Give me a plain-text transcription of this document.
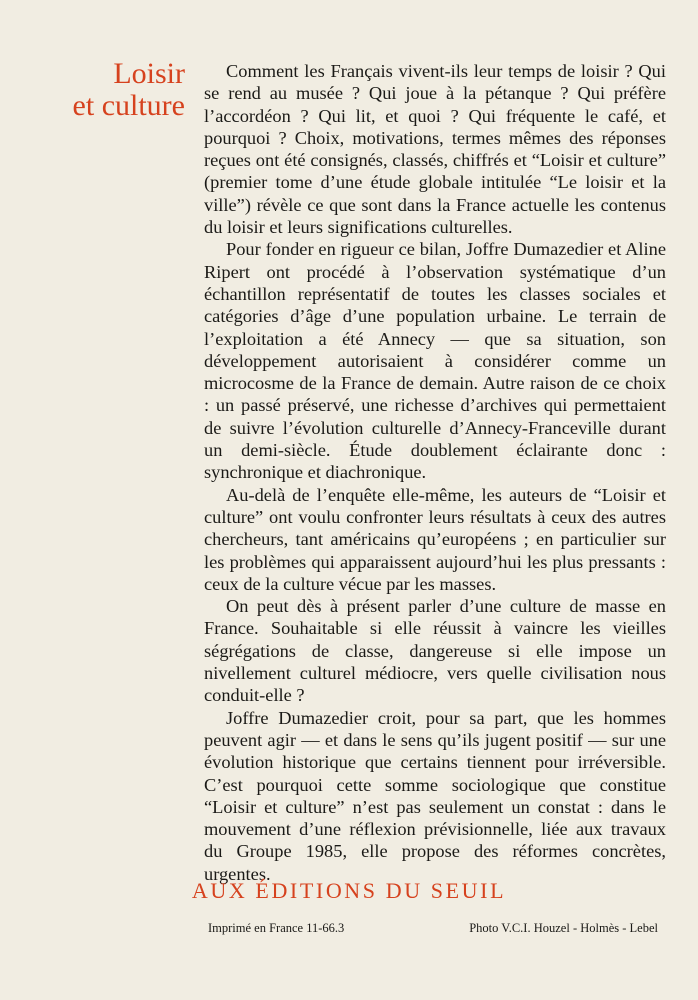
Loisir
et culture

Comment les Français vivent-ils leur temps de loisir ? Qui se rend au musée ? Qui joue à la pétanque ? Qui préfère l’accordéon ? Qui lit, et quoi ? Qui fréquente le café, et pourquoi ? Choix, motivations, termes mêmes des réponses reçues ont été consignés, classés, chiffrés et “Loisir et culture” (premier tome d’une étude globale intitulée “Le loisir et la ville”) révèle ce que sont dans la France actuelle les contenus du loisir et leurs significations culturelles.

Pour fonder en rigueur ce bilan, Joffre Dumazedier et Aline Ripert ont procédé à l’observation systématique d’un échantillon représentatif de toutes les classes sociales et catégories d’âge d’une population urbaine. Le terrain de l’exploitation a été Annecy — que sa situation, son développement autorisaient à considérer comme un microcosme de la France de demain. Autre raison de ce choix : un passé préservé, une richesse d’archives qui permettaient de suivre l’évolution culturelle d’Annecy-Franceville durant un demi-siècle. Étude doublement éclairante donc : synchronique et diachronique.

Au-delà de l’enquête elle-même, les auteurs de “Loisir et culture” ont voulu confronter leurs résultats à ceux des autres chercheurs, tant américains qu’européens ; en particulier sur les problèmes qui apparaissent aujourd’hui les plus pressants : ceux de la culture vécue par les masses.

On peut dès à présent parler d’une culture de masse en France. Souhaitable si elle réussit à vaincre les vieilles ségrégations de classe, dangereuse si elle impose un nivellement culturel médiocre, vers quelle civilisation nous conduit-elle ?

Joffre Dumazedier croit, pour sa part, que les hommes peuvent agir — et dans le sens qu’ils jugent positif — sur une évolution historique que certains tiennent pour irréversible. C’est pourquoi cette somme sociologique que constitue “Loisir et culture” n’est pas seulement un constat : dans le mouvement d’une réflexion prévisionnelle, liée aux travaux du Groupe 1985, elle propose des réformes concrètes, urgentes.

AUX ÉDITIONS DU SEUIL
Imprimé en France 11-66.3	Photo V.C.I. Houzel - Holmès - Lebel
